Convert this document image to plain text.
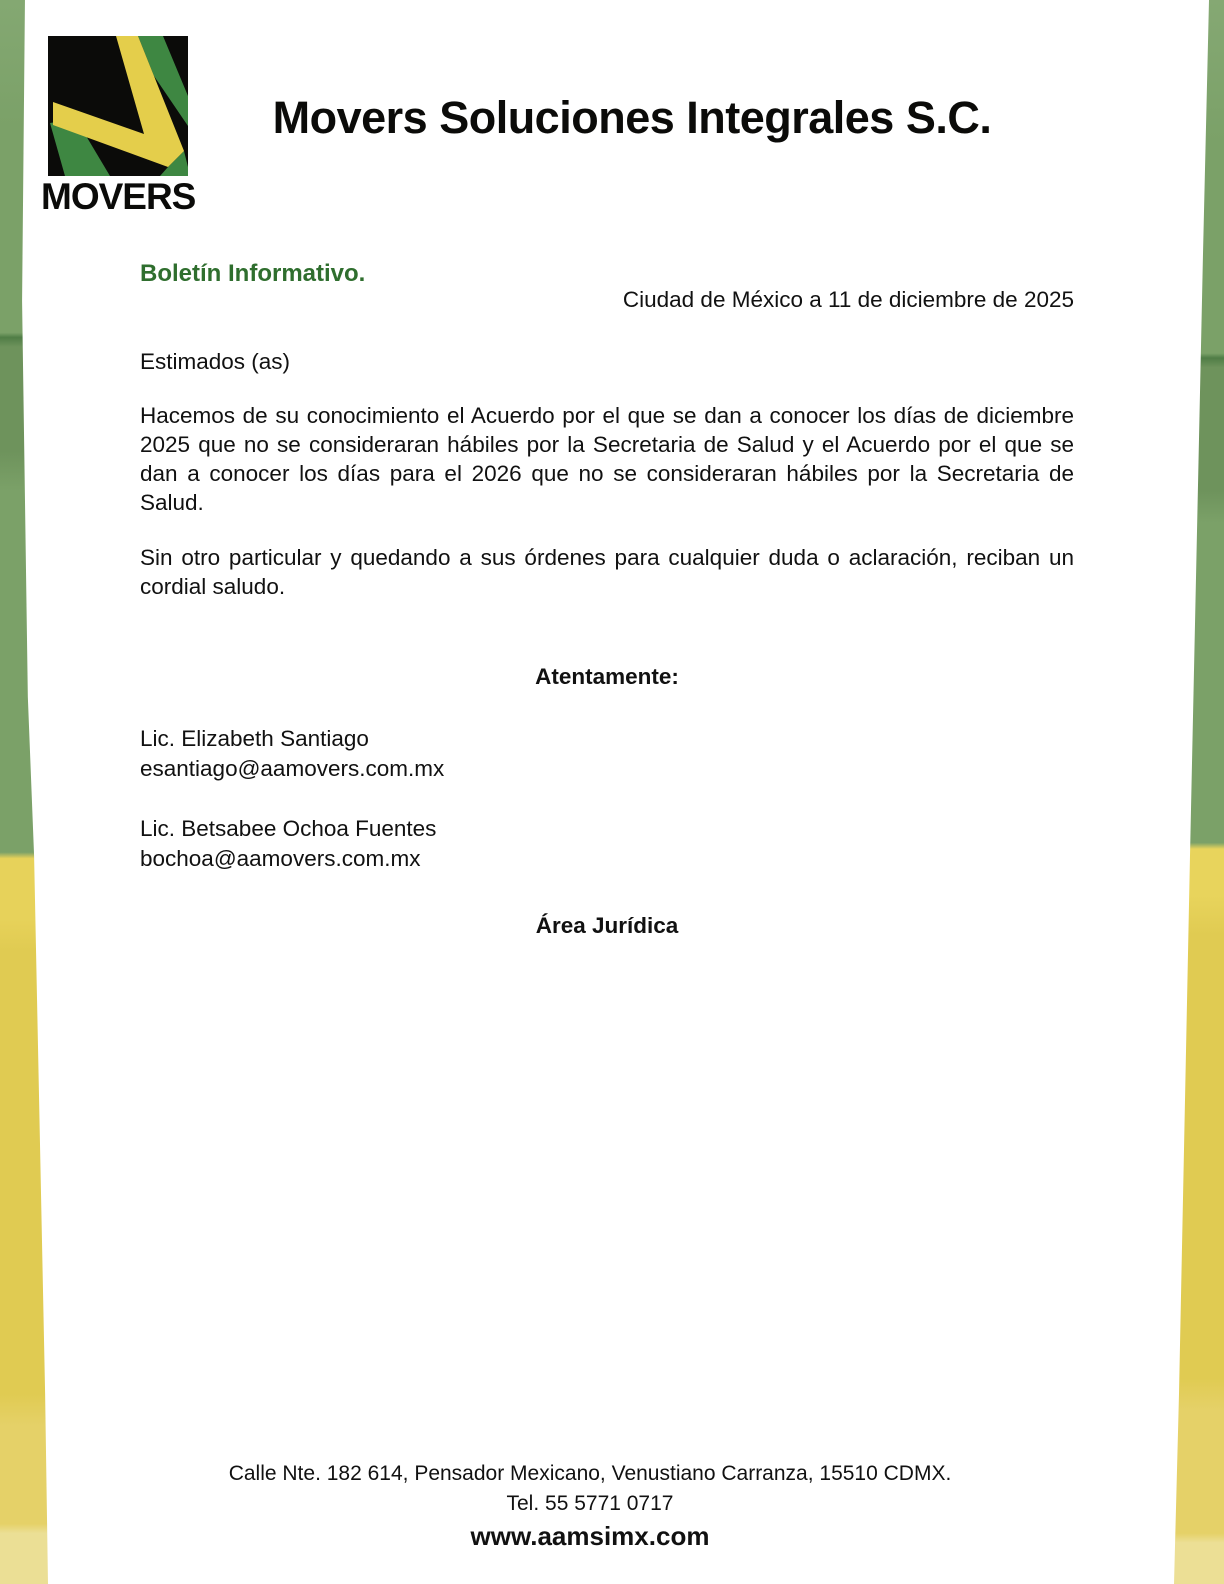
MOVERS
Movers Soluciones Integrales S.C.
Boletín Informativo.
Ciudad de México a 11 de diciembre de 2025
Estimados (as)
Hacemos de su conocimiento el Acuerdo por el que se dan a conocer los días de diciembre 2025 que no se consideraran hábiles por la Secretaria de Salud y el Acuerdo por el que se dan a conocer los días para el 2026 que no se consideraran hábiles por la Secretaria de Salud.
Sin otro particular y quedando a sus órdenes para cualquier duda o aclaración, reciban un cordial saludo.
Atentamente:
Lic. Elizabeth Santiago
esantiago@aamovers.com.mx
Lic. Betsabee Ochoa Fuentes
bochoa@aamovers.com.mx
Área Jurídica
Calle Nte. 182 614, Pensador Mexicano, Venustiano Carranza, 15510 CDMX.
Tel. 55 5771 0717
www.aamsimx.com
